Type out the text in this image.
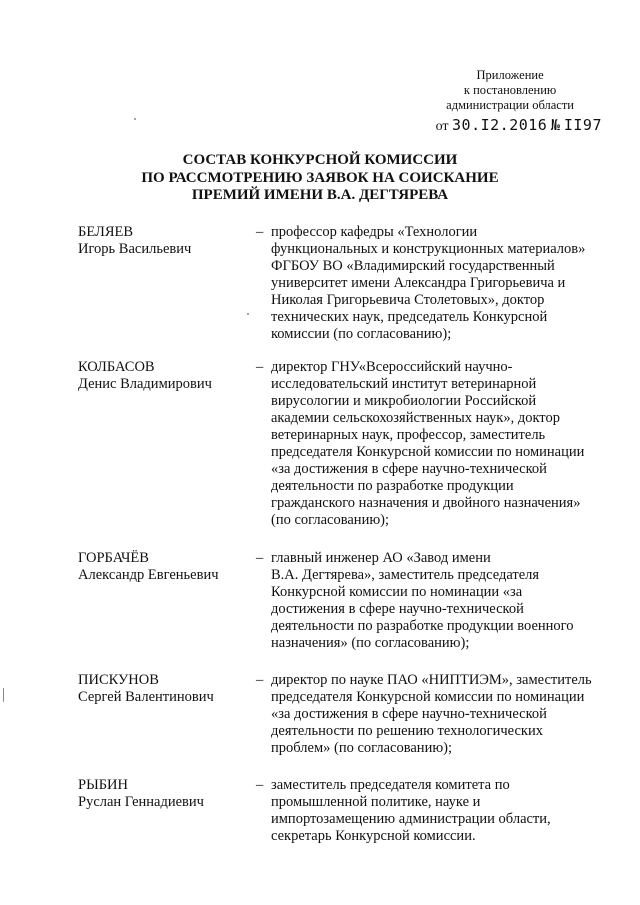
Приложение
к постановлению
администрации области
от 30.I2.2016 № II97
СОСТАВ КОНКУРСНОЙ КОМИССИИ
ПО РАССМОТРЕНИЮ ЗАЯВОК НА СОИСКАНИЕ
ПРЕМИЙ ИМЕНИ В.А. ДЕГТЯРЕВА
БЕЛЯЕВ
Игорь Васильевич
– профессор кафедры «Технологии
функциональных и конструкционных материалов»
ФГБОУ ВО «Владимирский государственный
университет имени Александра Григорьевича и
Николая Григорьевича Столетовых», доктор
технических наук, председатель Конкурсной
комиссии (по согласованию);
КОЛБАСОВ
Денис Владимирович
– директор ГНУ«Всероссийский научно-
исследовательский институт ветеринарной
вирусологии и микробиологии Российской
академии сельскохозяйственных наук», доктор
ветеринарных наук, профессор, заместитель
председателя Конкурсной комиссии по номинации
«за достижения в сфере научно-технической
деятельности по разработке продукции
гражданского назначения и двойного назначения»
(по согласованию);
ГОРБАЧЁВ
Александр Евгеньевич
– главный инженер АО «Завод имени
В.А. Дегтярева», заместитель председателя
Конкурсной комиссии по номинации «за
достижения в сфере научно-технической
деятельности по разработке продукции военного
назначения» (по согласованию);
ПИСКУНОВ
Сергей Валентинович
– директор по науке ПАО «НИПТИЭМ», заместитель
председателя Конкурсной комиссии по номинации
«за достижения в сфере научно-технической
деятельности по решению технологических
проблем» (по согласованию);
РЫБИН
Руслан Геннадиевич
– заместитель председателя комитета по
промышленной политике, науке и
импортозамещению администрации области,
секретарь Конкурсной комиссии.
